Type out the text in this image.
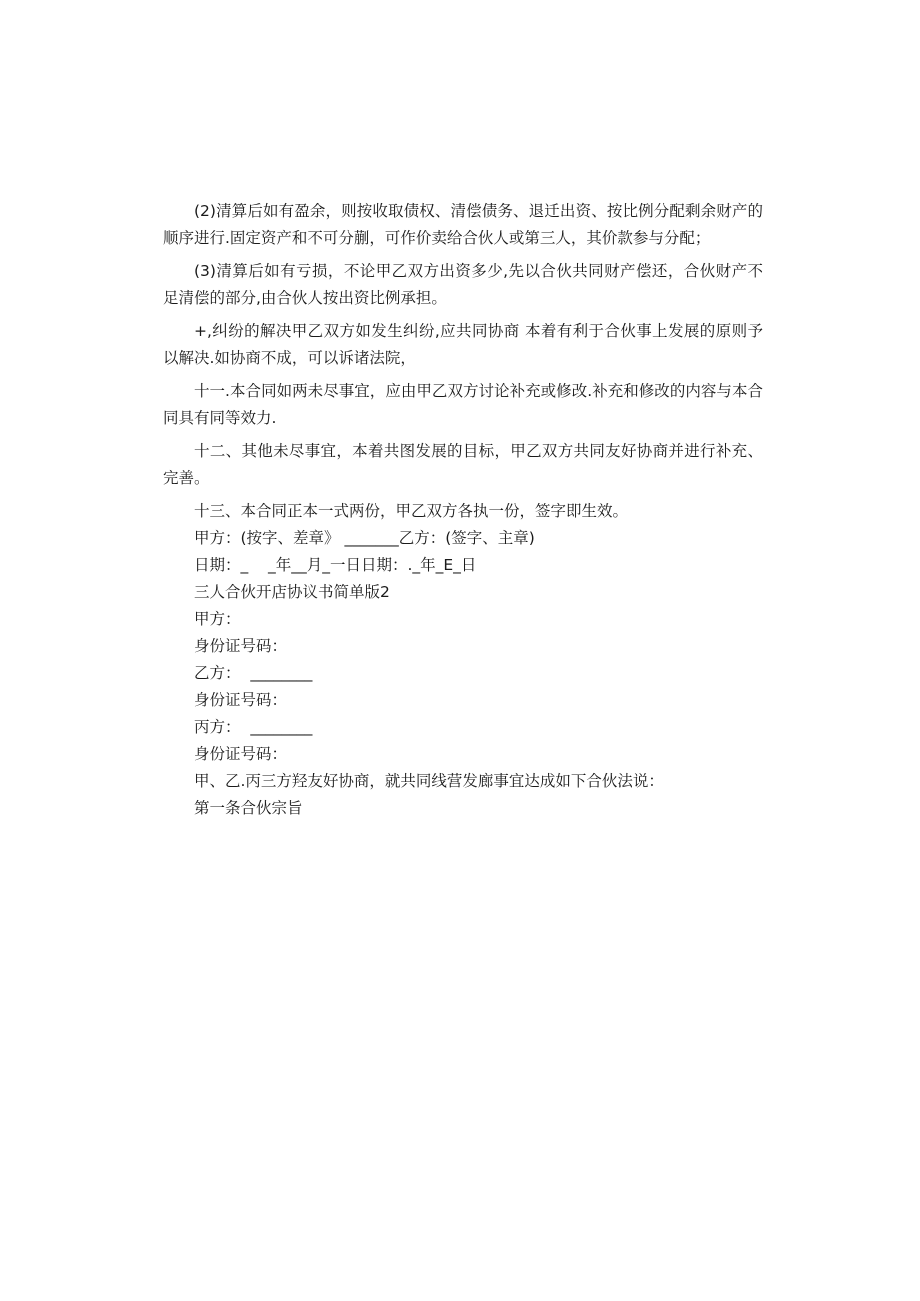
(2)清算后如有盈余，则按收取债权、清偿债务、退迁出资、按比例分配剩余财产的顺序进行.固定资产和不可分蒯，可作价卖给合伙人或第三人，其价款参与分配；

(3)清算后如有亏损，不论甲乙双方出资多少,先以合伙共同财产偿还，合伙财产不足清偿的部分,由合伙人按出资比例承担。

+,纠纷的解决甲乙双方如发生纠纷,应共同协商 本着有利于合伙事上发展的原则予以解决.如协商不成，可以诉诸法院，

十一.本合同如两未尽事宜，应由甲乙双方讨论补充或修改.补充和修改的内容与本合同具有同等效力.

十二、其他未尽事宜，本着共图发展的目标，甲乙双方共同友好协商并进行补充、完善。

十三、本合同正本一式两份，甲乙双方各执一份，签字即生效。

甲方：(按字、差章》 _______乙方：(签字、主章)

日期：_    _年__月_一日日期：._年_E_日

三人合伙开店协议书简单版2

甲方：

身份证号码：

乙方：  ________

身份证号码：

丙方：  ________

身份证号码：

甲、乙.丙三方羟友好协商，就共同线营发廊事宜达成如下合伙法说：

第一条合伙宗旨
